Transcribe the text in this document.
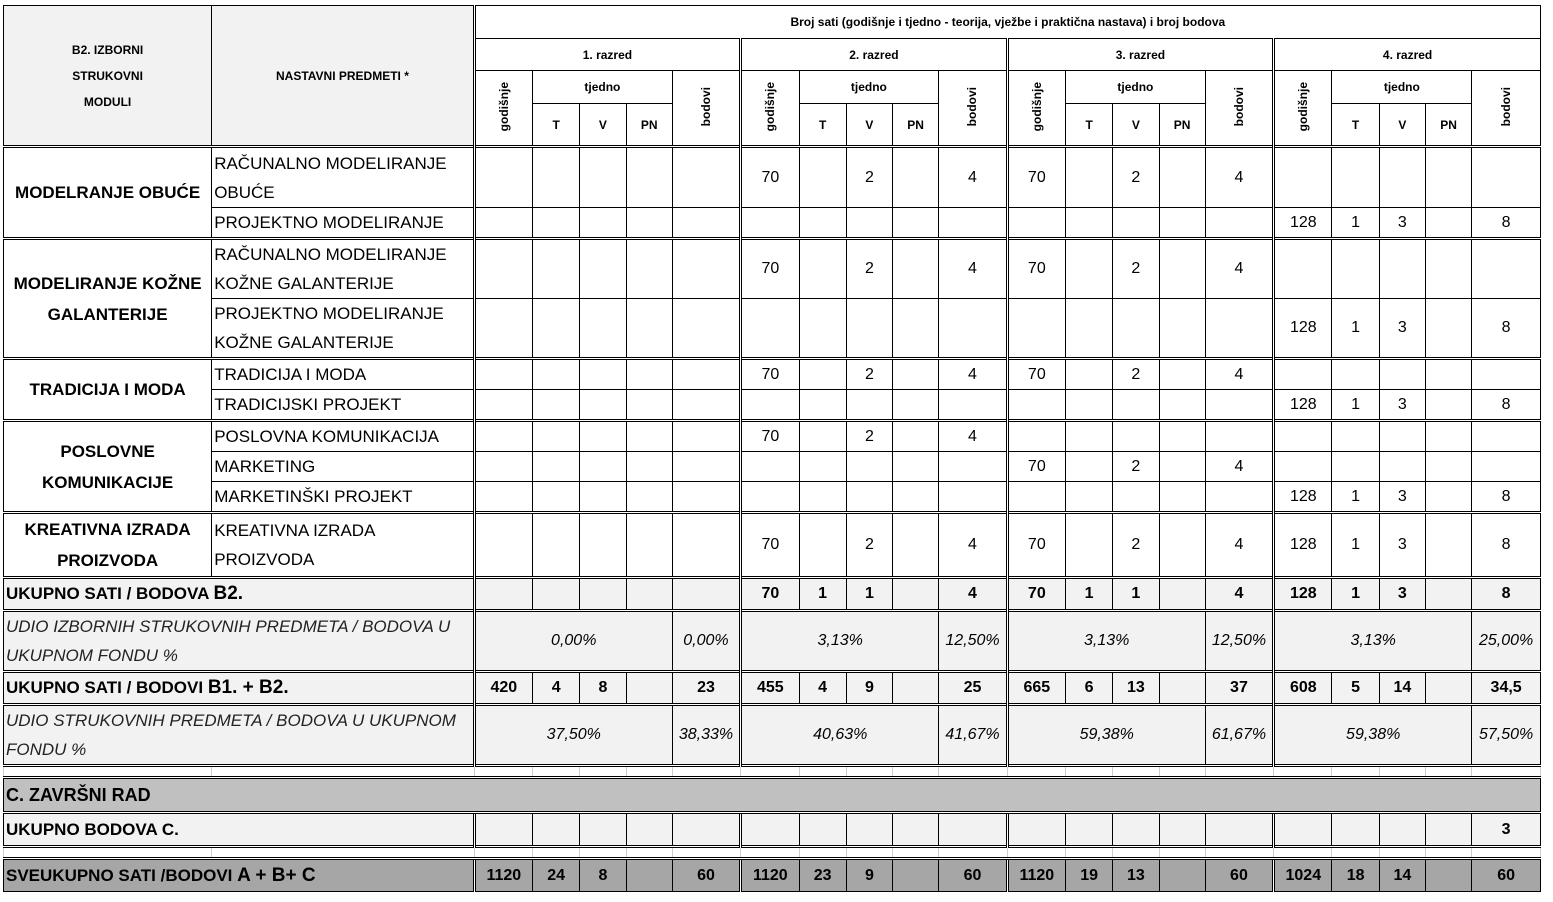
B2. IZBORNI
STRUKOVNI
MODULI	NASTAVNI PREDMETI *	Broj sati (godišnje i tjedno - teorija, vježbe i praktična nastava) i broj bodova																			
		1. razred					2. razred					3. razred					4. razred				
		godišnje	tjedno			bodovi	godišnje	tjedno			bodovi	godišnje	tjedno			bodovi	godišnje	tjedno			bodovi
			T	V	PN			T	V	PN			T	V	PN			T	V	PN	
MODELRANJE OBUĆE	RAČUNALNO MODELIRANJE OBUĆE						70		2		4	70		2		4					
	PROJEKTNO MODELIRANJE																128	1	3		8
MODELIRANJE KOŽNE GALANTERIJE	RAČUNALNO MODELIRANJE KOŽNE GALANTERIJE						70		2		4	70		2		4					
	PROJEKTNO MODELIRANJE KOŽNE GALANTERIJE																128	1	3		8
TRADICIJA I MODA	TRADICIJA I MODA						70		2		4	70		2		4					
	TRADICIJSKI PROJEKT																128	1	3		8
POSLOVNE KOMUNIKACIJE	POSLOVNA KOMUNIKACIJA						70		2		4										
	MARKETING											70		2		4					
	MARKETINŠKI PROJEKT																128	1	3		8
KREATIVNA IZRADA PROIZVODA	KREATIVNA IZRADA PROIZVODA						70		2		4	70		2		4	128	1	3		8
UKUPNO SATI / BODOVA B2.							70	1	1		4	70	1	1		4	128	1	3		8
UDIO IZBORNIH STRUKOVNIH PREDMETA / BODOVA U UKUPNOM FONDU %		0,00%				0,00%	3,13%				12,50%	3,13%				12,50%	3,13%				25,00%
UKUPNO SATI / BODOVI B1. + B2.		420	4	8		23	455	4	9		25	665	6	13		37	608	5	14		34,5
UDIO STRUKOVNIH PREDMETA / BODOVA U UKUPNOM FONDU %		37,50%				38,33%	40,63%				41,67%	59,38%				61,67%	59,38%				57,50%

C. ZAVRŠNI RAD																					
UKUPNO BODOVA C.																					3

SVEUKUPNO SATI /BODOVI A + B+ C		1120	24	8		60	1120	23	9		60	1120	19	13		60	1024	18	14		60
